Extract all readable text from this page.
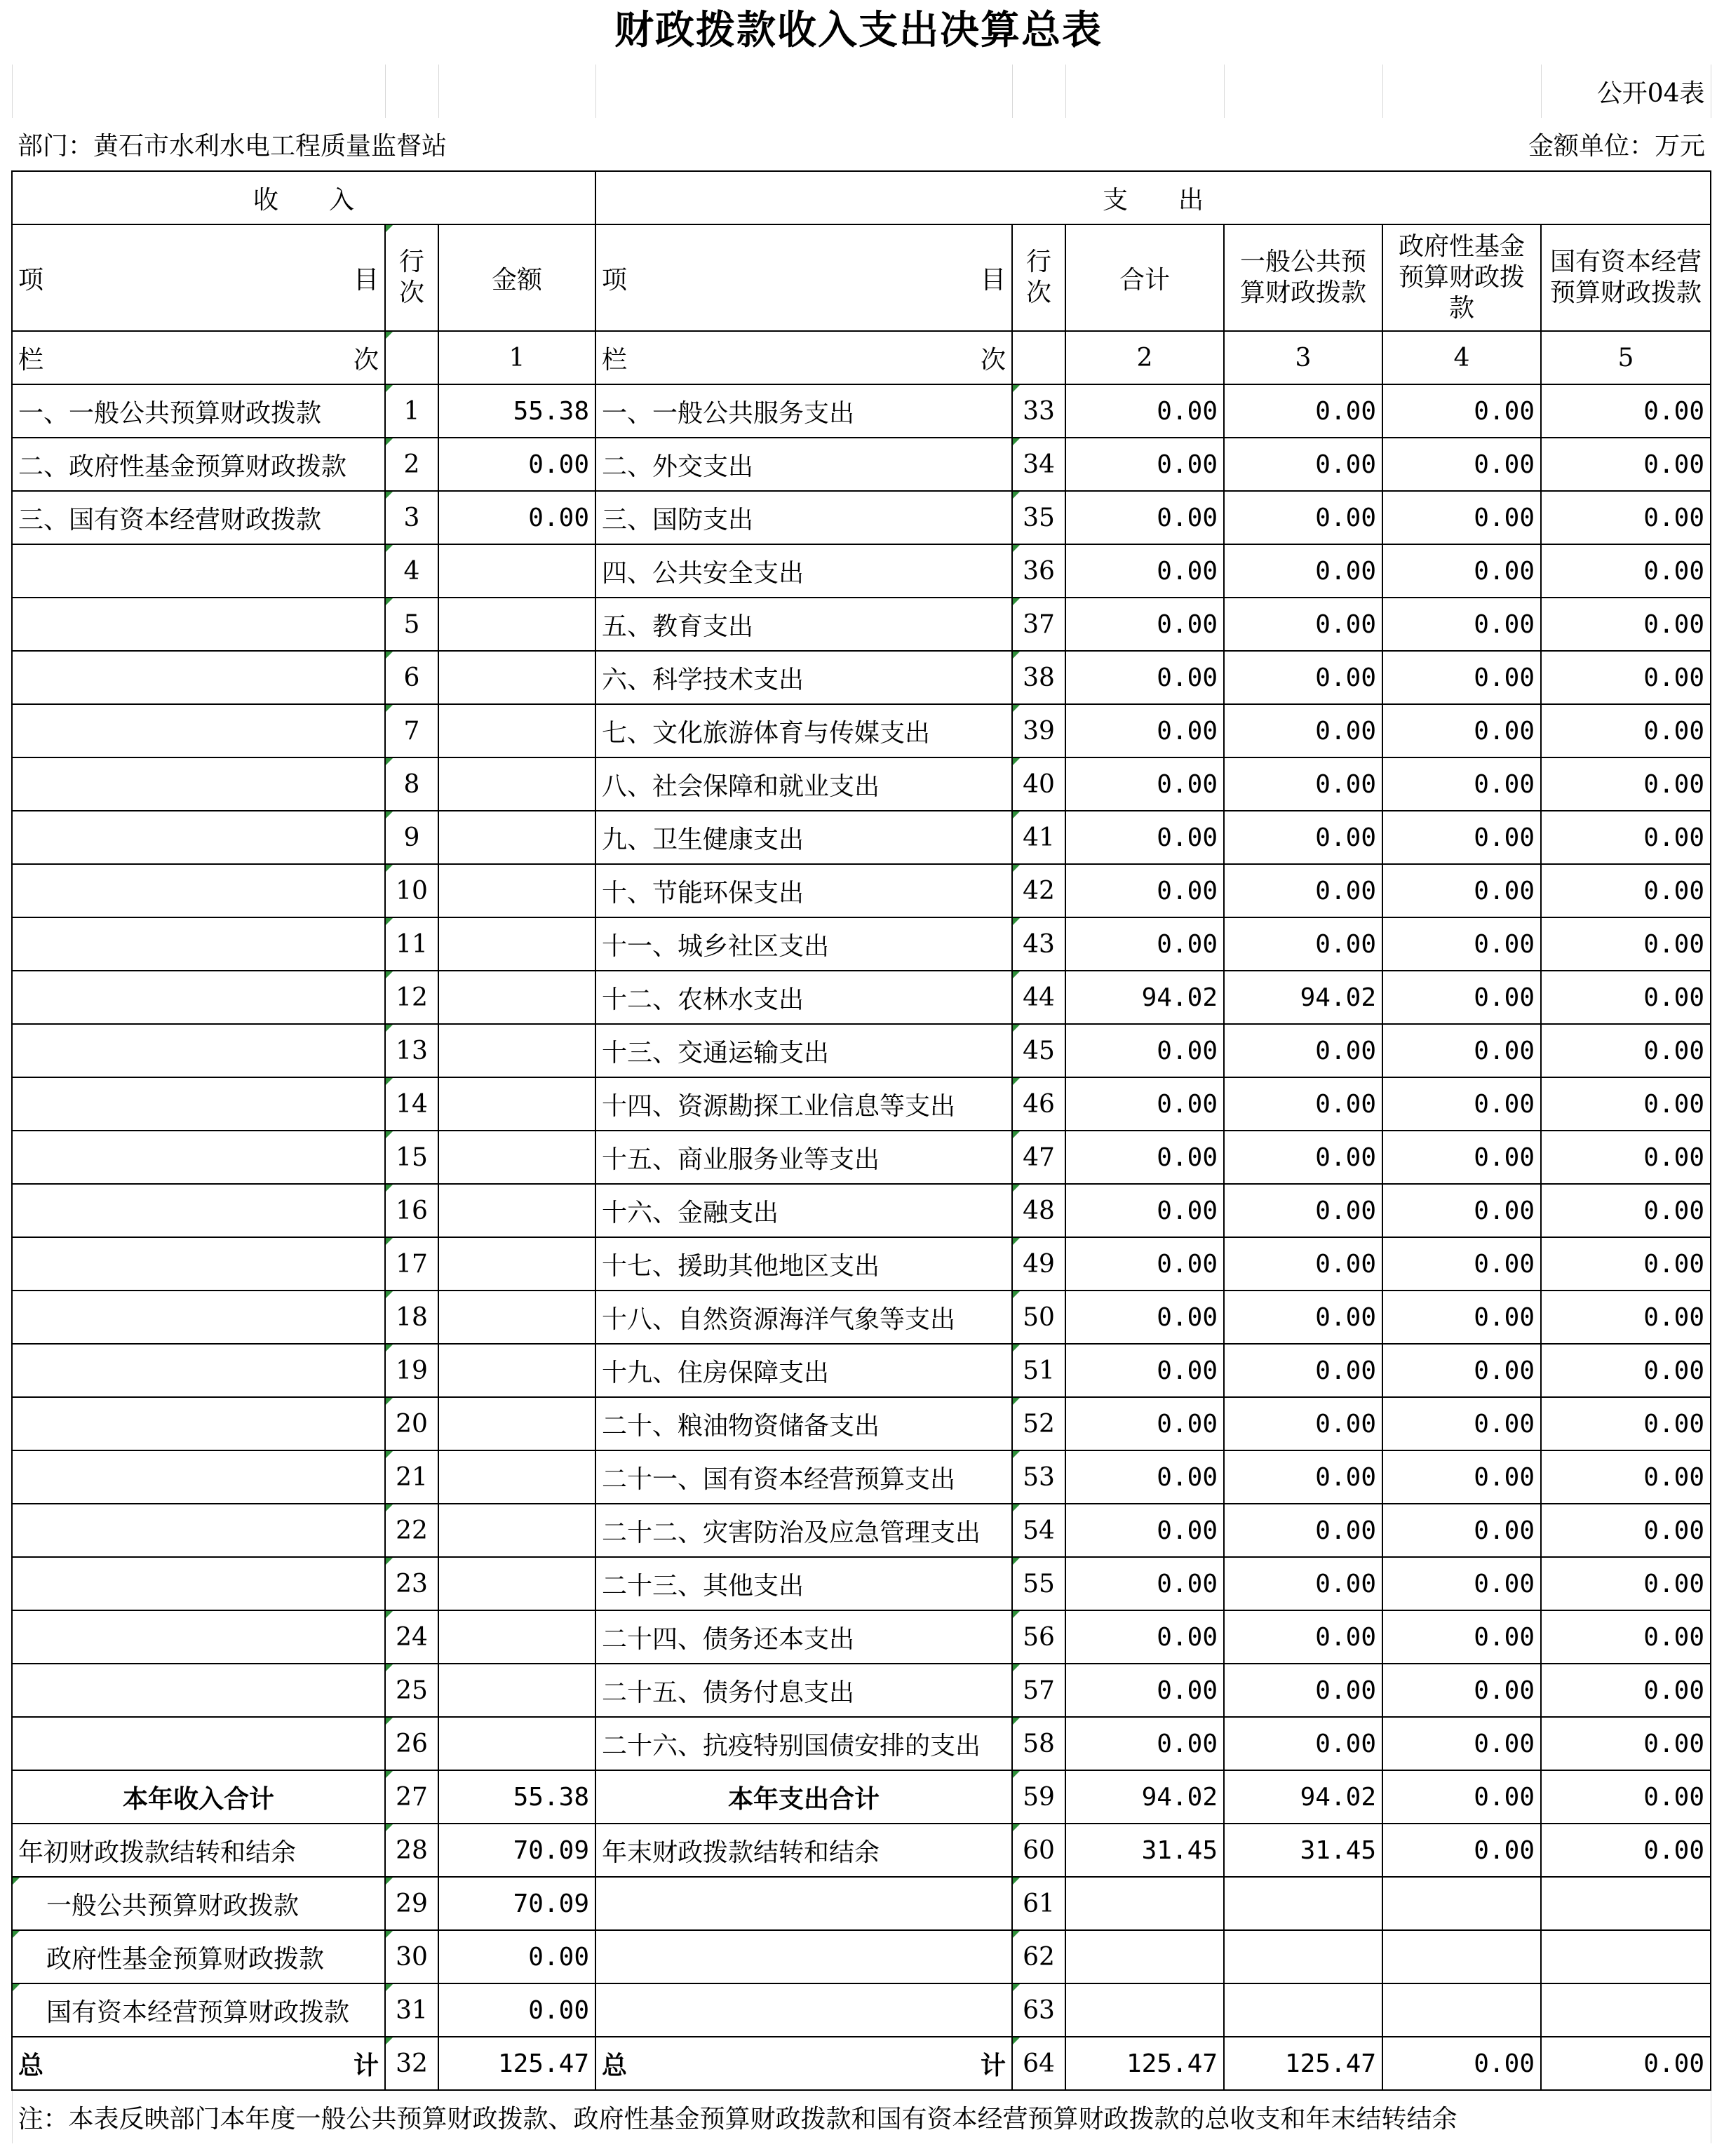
财政拨款收入支出决算总表
								公开04表
部门：黄石市水利水电工程质量监督站							金额单位：万元	
收　　入			支　　出					

项 目	行次	金额	项 目	行次	合计	一般公共预算财政拨款	政府性基金预算财政拨款	国有资本经营预算财政拨款

栏 次		1	栏 次		2	3	4	5
一、一般公共预算财政拨款	1	55.38	一、一般公共服务支出	33	0.00	0.00	0.00	0.00
二、政府性基金预算财政拨款	2	0.00	二、外交支出	34	0.00	0.00	0.00	0.00
三、国有资本经营财政拨款	3	0.00	三、国防支出	35	0.00	0.00	0.00	0.00
	4		四、公共安全支出	36	0.00	0.00	0.00	0.00
	5		五、教育支出	37	0.00	0.00	0.00	0.00
	6		六、科学技术支出	38	0.00	0.00	0.00	0.00
	7		七、文化旅游体育与传媒支出	39	0.00	0.00	0.00	0.00
	8		八、社会保障和就业支出	40	0.00	0.00	0.00	0.00
	9		九、卫生健康支出	41	0.00	0.00	0.00	0.00
	10		十、节能环保支出	42	0.00	0.00	0.00	0.00
	11		十一、城乡社区支出	43	0.00	0.00	0.00	0.00
	12		十二、农林水支出	44	94.02	94.02	0.00	0.00
	13		十三、交通运输支出	45	0.00	0.00	0.00	0.00
	14		十四、资源勘探工业信息等支出	46	0.00	0.00	0.00	0.00
	15		十五、商业服务业等支出	47	0.00	0.00	0.00	0.00
	16		十六、金融支出	48	0.00	0.00	0.00	0.00
	17		十七、援助其他地区支出	49	0.00	0.00	0.00	0.00
	18		十八、自然资源海洋气象等支出	50	0.00	0.00	0.00	0.00
	19		十九、住房保障支出	51	0.00	0.00	0.00	0.00
	20		二十、粮油物资储备支出	52	0.00	0.00	0.00	0.00
	21		二十一、国有资本经营预算支出	53	0.00	0.00	0.00	0.00
	22		二十二、灾害防治及应急管理支出	54	0.00	0.00	0.00	0.00
	23		二十三、其他支出	55	0.00	0.00	0.00	0.00
	24		二十四、债务还本支出	56	0.00	0.00	0.00	0.00
	25		二十五、债务付息支出	57	0.00	0.00	0.00	0.00
	26		二十六、抗疫特别国债安排的支出	58	0.00	0.00	0.00	0.00
本年收入合计	27	55.38	本年支出合计	59	94.02	94.02	0.00	0.00
年初财政拨款结转和结余	28	70.09	年末财政拨款结转和结余	60	31.45	31.45	0.00	0.00
一般公共预算财政拨款	29	70.09		61				
政府性基金预算财政拨款	30	0.00		62				
国有资本经营预算财政拨款	31	0.00		63				

总 计	32	125.47	总 计	64	125.47	125.47	0.00	0.00
注：本表反映部门本年度一般公共预算财政拨款、政府性基金预算财政拨款和国有资本经营预算财政拨款的总收支和年末结转结余								
